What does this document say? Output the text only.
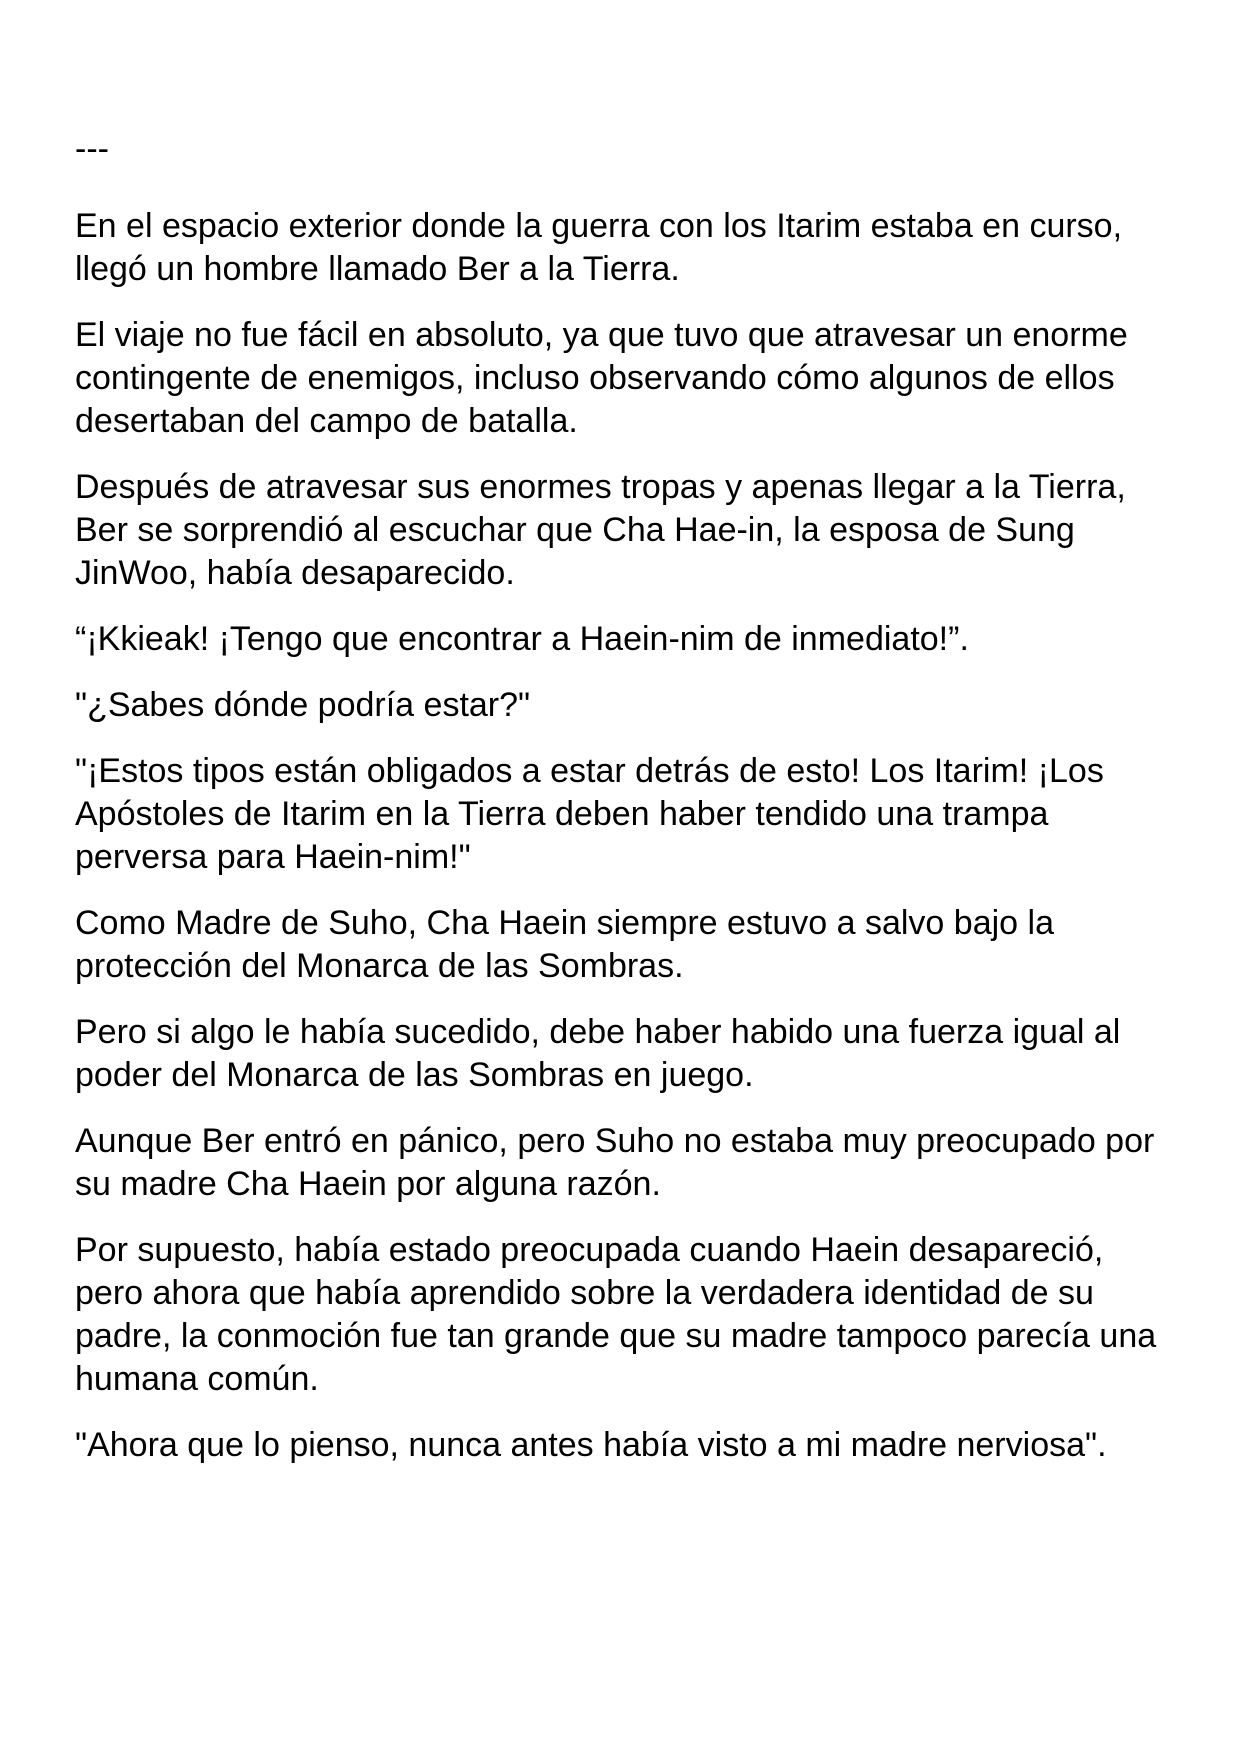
---

En el espacio exterior donde la guerra con los Itarim estaba en curso, llegó un hombre llamado Ber a la Tierra.

El viaje no fue fácil en absoluto, ya que tuvo que atravesar un enorme contingente de enemigos, incluso observando cómo algunos de ellos desertaban del campo de batalla.

Después de atravesar sus enormes tropas y apenas llegar a la Tierra, Ber se sorprendió al escuchar que Cha Hae-in, la esposa de Sung JinWoo, había desaparecido.

“¡Kkieak! ¡Tengo que encontrar a Haein-nim de inmediato!”.

"¿Sabes dónde podría estar?"

"¡Estos tipos están obligados a estar detrás de esto! Los Itarim! ¡Los Apóstoles de Itarim en la Tierra deben haber tendido una trampa perversa para Haein-nim!"

Como Madre de Suho, Cha Haein siempre estuvo a salvo bajo la protección del Monarca de las Sombras.

Pero si algo le había sucedido, debe haber habido una fuerza igual al poder del Monarca de las Sombras en juego.

Aunque Ber entró en pánico, pero Suho no estaba muy preocupado por su madre Cha Haein por alguna razón.

Por supuesto, había estado preocupada cuando Haein desapareció, pero ahora que había aprendido sobre la verdadera identidad de su padre, la conmoción fue tan grande que su madre tampoco parecía una humana común.

"Ahora que lo pienso, nunca antes había visto a mi madre nerviosa".
